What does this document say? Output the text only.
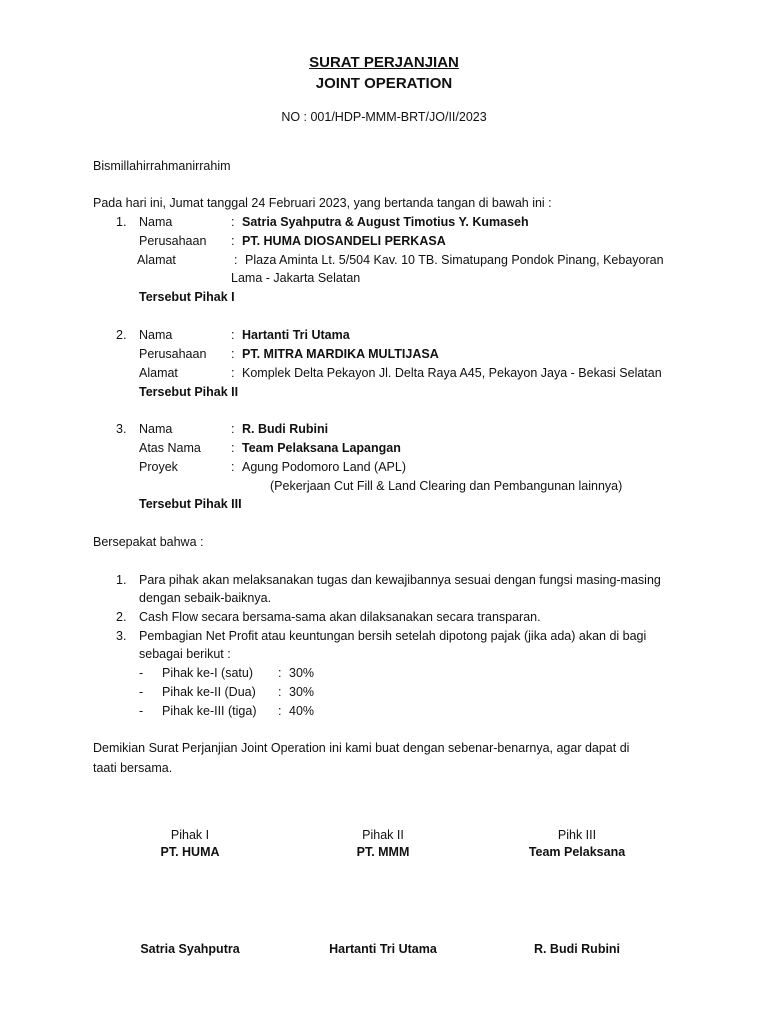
SURAT PERJANJIAN
JOINT OPERATION
NO : 001/HDP-MMM-BRT/JO/II/2023
Bismillahirrahmanirrahim
Pada hari ini, Jumat tanggal 24 Februari 2023, yang bertanda tangan di bawah ini :
1. Nama	: Satria Syahputra & August Timotius Y. Kumaseh
Perusahaan : PT. HUMA DIOSANDELI PERKASA
Alamat	: Plaza Aminta Lt. 5/504 Kav. 10 TB. Simatupang Pondok Pinang, Kebayoran
Lama - Jakarta Selatan
Tersebut Pihak I
2. Nama	: Hartanti Tri Utama
Perusahaan : PT. MITRA MARDIKA MULTIJASA
Alamat	: Komplek Delta Pekayon Jl. Delta Raya A45, Pekayon Jaya - Bekasi Selatan
Tersebut Pihak II
3. Nama	: R. Budi Rubini
Atas Nama : Team Pelaksana Lapangan
Proyek	: Agung Podomoro Land (APL)
(Pekerjaan Cut Fill & Land Clearing dan Pembangunan lainnya)
Tersebut Pihak III
Bersepakat bahwa :
1. Para pihak akan melaksanakan tugas dan kewajibannya sesuai dengan fungsi masing-masing
dengan sebaik-baiknya.
2. Cash Flow secara bersama-sama akan dilaksanakan secara transparan.
3. Pembagian Net Profit atau keuntungan bersih setelah dipotong pajak (jika ada) akan di bagi
sebagai berikut :
- Pihak ke-I (satu) : 30%
- Pihak ke-II (Dua) : 30%
- Pihak ke-III (tiga) : 40%
Demikian Surat Perjanjian Joint Operation ini kami buat dengan sebenar-benarnya, agar dapat di
taati bersama.
Pihak I
PT. HUMA
Satria Syahputra
Pihak II
PT. MMM
Hartanti Tri Utama
Pihk III
Team Pelaksana
R. Budi Rubini
